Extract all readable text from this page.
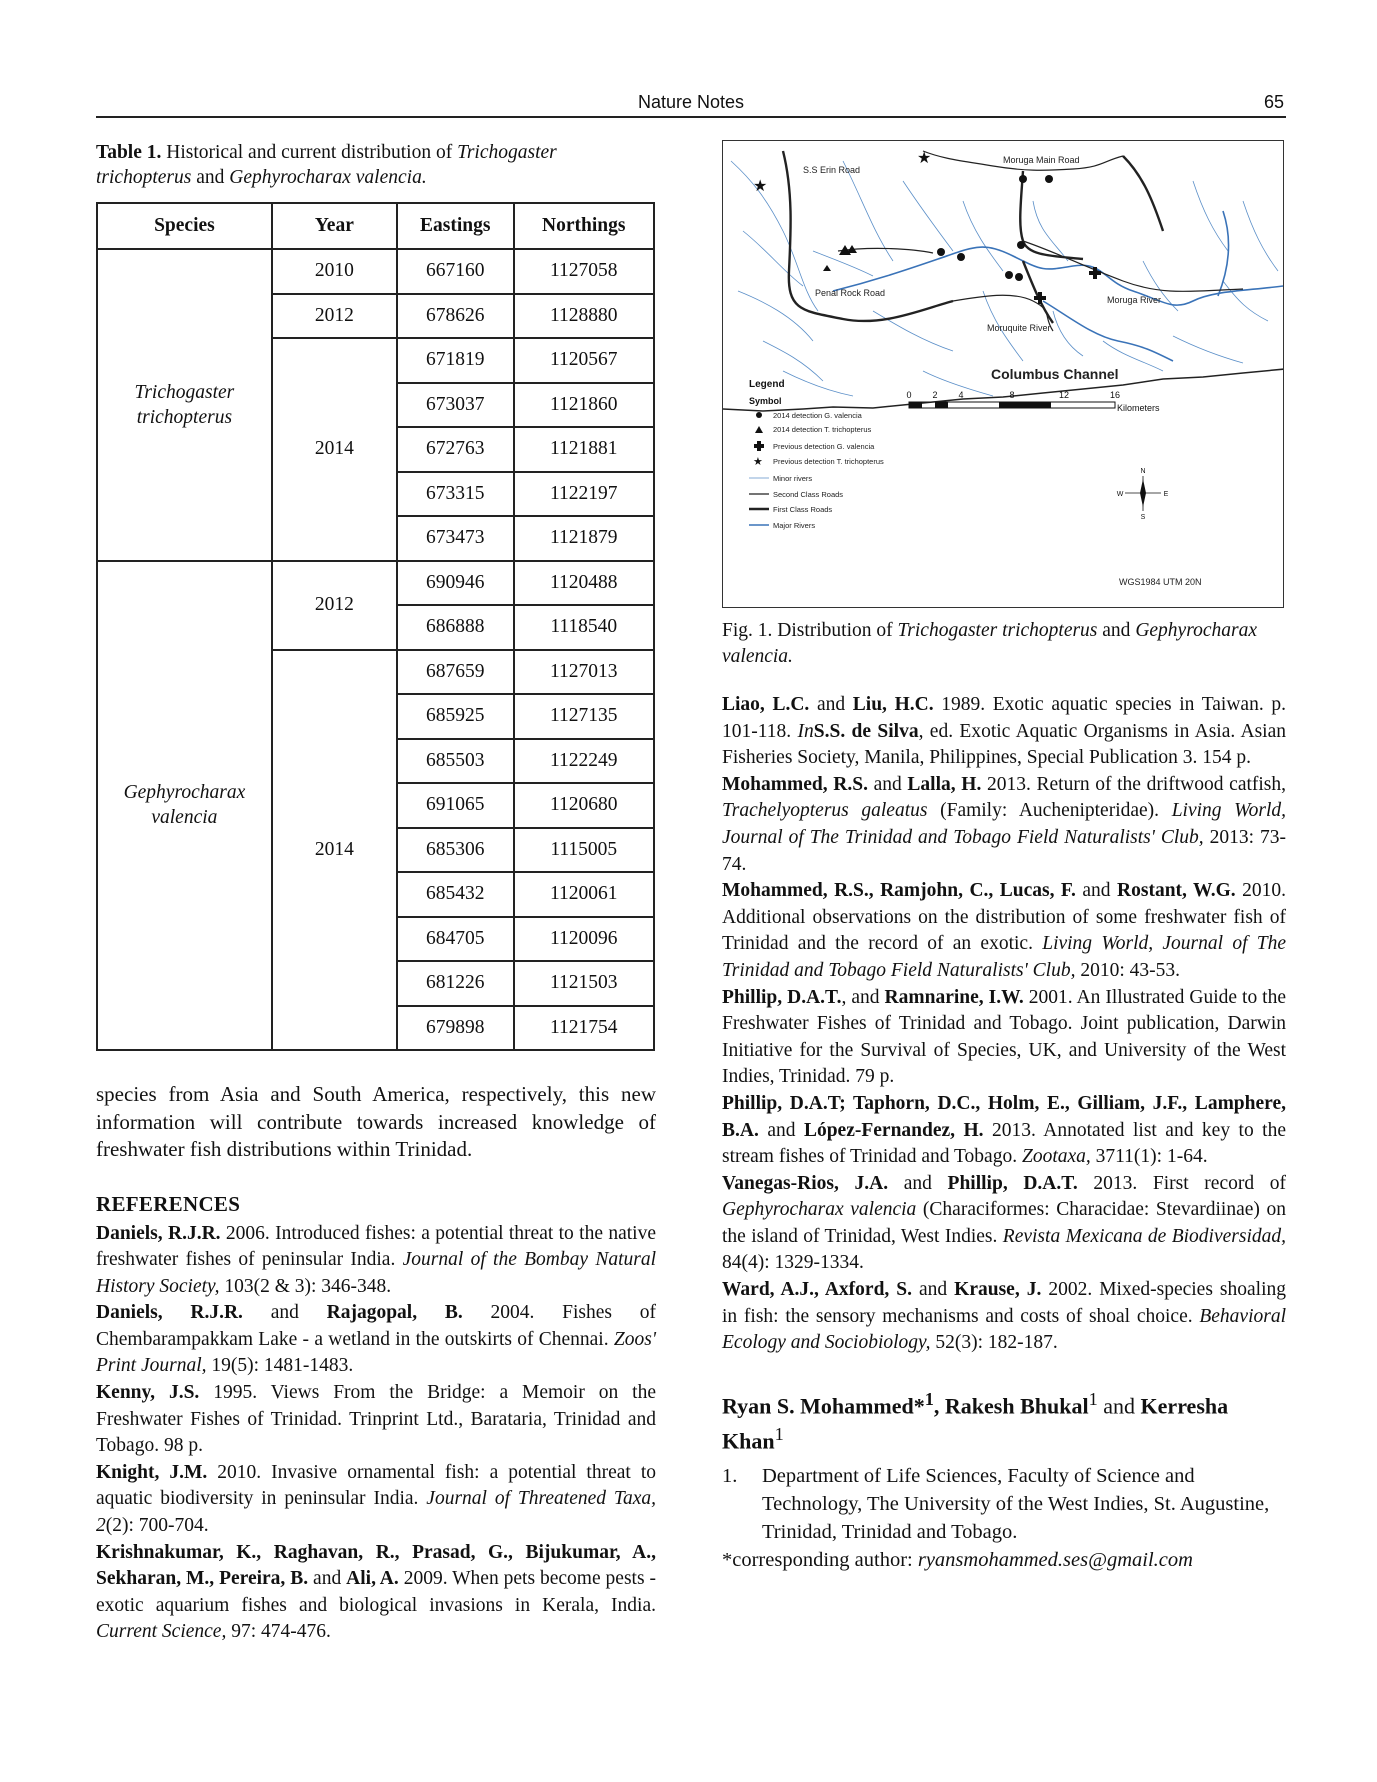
Nature Notes	65

Table 1. Historical and current distribution of Trichogaster trichopterus and Gephyrocharax valencia.

Species	Year	Eastings	Northings
Trichogaster trichopterus	2010	667160	1127058
	2012	678626	1128880
	2014	671819	1120567
		673037	1121860
		672763	1121881
		673315	1122197
		673473	1121879
Gephyrocharax valencia	2012	690946	1120488
		686888	1118540
	2014	687659	1127013
		685925	1127135
		685503	1122249
		691065	1120680
		685306	1115005
		685432	1120061
		684705	1120096
		681226	1121503
		679898	1121754

species from Asia and South America, respectively, this new information will contribute towards increased knowledge of freshwater fish distributions within Trinidad.

REFERENCES

Daniels, R.J.R. 2006. Introduced fishes: a potential threat to the native freshwater fishes of peninsular India. Journal of the Bombay Natural History Society, 103(2 & 3): 346-348.

Daniels, R.J.R. and Rajagopal, B. 2004. Fishes of Chembarampakkam Lake - a wetland in the outskirts of Chennai. Zoos' Print Journal, 19(5): 1481-1483.

Kenny, J.S. 1995. Views From the Bridge: a Memoir on the Freshwater Fishes of Trinidad. Trinprint Ltd., Barataria, Trinidad and Tobago. 98 p.

Knight, J.M. 2010. Invasive ornamental fish: a potential threat to aquatic biodiversity in peninsular India. Journal of Threatened Taxa, 2(2): 700-704.

Krishnakumar, K., Raghavan, R., Prasad, G., Bijukumar, A., Sekharan, M., Pereira, B. and Ali, A. 2009. When pets become pests - exotic aquarium fishes and biological invasions in Kerala, India. Current Science, 97: 474-476.

S.S Erin Road
Moruga Main Road
Penal Rock Road
Moruga River
Moruquite River
Columbus Channel
★
★
Legend
Symbol
2014 detection G. valencia
2014 detection T. trichopterus
Previous detection G. valencia
★ Previous detection T. trichopterus
Minor rivers
Second Class Roads
First Class Roads
Major Rivers
0 2 4	8	12	16
Kilometers
N
E
S
W
WGS1984 UTM 20N

Fig. 1. Distribution of Trichogaster trichopterus and Gephyrocharax valencia.

Liao, L.C. and Liu, H.C. 1989. Exotic aquatic species in Taiwan. p. 101-118. InS.S. de Silva, ed. Exotic Aquatic Organisms in Asia. Asian Fisheries Society, Manila, Philippines, Special Publication 3. 154 p.

Mohammed, R.S. and Lalla, H. 2013. Return of the driftwood catfish, Trachelyopterus galeatus (Family: Auchenipteridae). Living World, Journal of The Trinidad and Tobago Field Naturalists' Club, 2013: 73-74.

Mohammed, R.S., Ramjohn, C., Lucas, F. and Rostant, W.G. 2010. Additional observations on the distribution of some freshwater fish of Trinidad and the record of an exotic. Living World, Journal of The Trinidad and Tobago Field Naturalists' Club, 2010: 43-53.

Phillip, D.A.T., and Ramnarine, I.W. 2001. An Illustrated Guide to the Freshwater Fishes of Trinidad and Tobago. Joint publication, Darwin Initiative for the Survival of Species, UK, and University of the West Indies, Trinidad. 79 p.

Phillip, D.A.T; Taphorn, D.C., Holm, E., Gilliam, J.F., Lamphere, B.A. and López-Fernandez, H. 2013. Annotated list and key to the stream fishes of Trinidad and Tobago. Zootaxa, 3711(1): 1-64.

Vanegas-Rios, J.A. and Phillip, D.A.T. 2013. First record of Gephyrocharax valencia (Characiformes: Characidae: Stevardiinae) on the island of Trinidad, West Indies. Revista Mexicana de Biodiversidad, 84(4): 1329-1334.

Ward, A.J., Axford, S. and Krause, J. 2002. Mixed-species shoaling in fish: the sensory mechanisms and costs of shoal choice. Behavioral Ecology and Sociobiology, 52(3): 182-187.

Ryan S. Mohammed*$^1$, Rakesh Bhukal$^1$ and Kerresha Khan$^1$
1.	Department of Life Sciences, Faculty of Science and Technology, The University of the West Indies, St. Augustine, Trinidad, Trinidad and Tobago.
*corresponding author: ryansmohammed.ses@gmail.com
